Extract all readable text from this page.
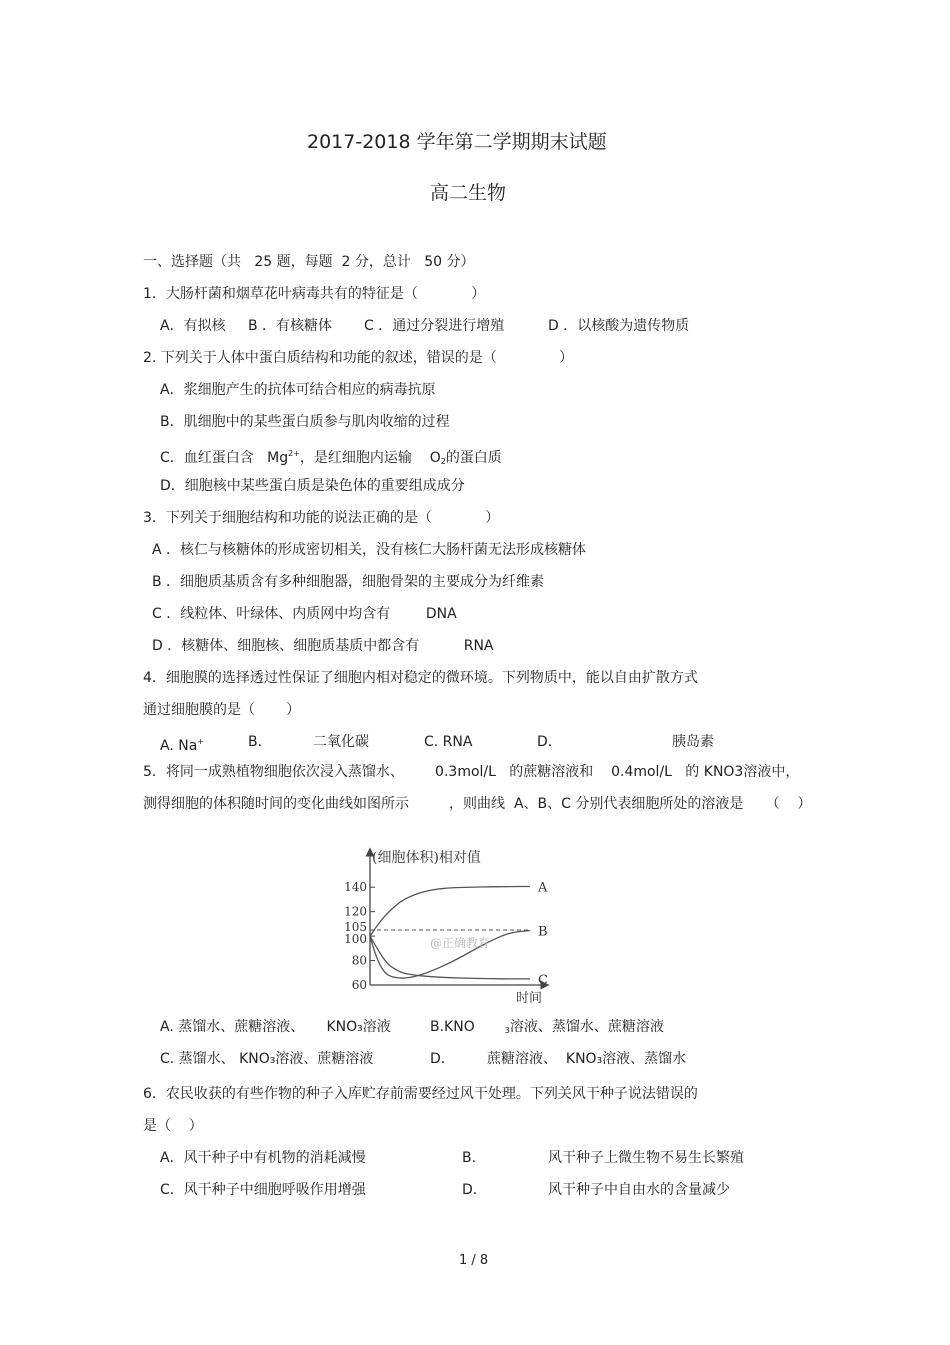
2017-2018 学年第二学期期末试题
高二生物
一、选择题（共   25 题，每题  2 分，总计   50 分）
1．大肠杆菌和烟草花叶病毒共有的特征是（            ）
A．有拟核 B ．有核糖体 C ．通过分裂进行增殖	D ．以核酸为遗传物质
2. 下列关于人体中蛋白质结构和功能的叙述，错误的是（              ）
A．浆细胞产生的抗体可结合相应的病毒抗原
B．肌细胞中的某些蛋白质参与肌肉收缩的过程
C．血红蛋白含   $Mg^{2+}$，是红细胞内运输    $O_2$的蛋白质
D．细胞核中某些蛋白质是染色体的重要组成成分
3．下列关于细胞结构和功能的说法正确的是（            ）
A ．核仁与核糖体的形成密切相关，没有核仁大肠杆菌无法形成核糖体
B ．细胞质基质含有多种细胞器，细胞骨架的主要成分为纤维素
C ．线粒体、叶绿体、内质网中均含有        DNA
D ．核糖体、细胞核、细胞质基质中都含有          RNA
4．细胞膜的选择透过性保证了细胞内相对稳定的微环境。下列物质中，能以自由扩散方式
通过细胞膜的是（       ）
A. Na+	B.	二氧化碳	C. RNA	D.	胰岛素
5．将同一成熟植物细胞依次浸入蒸馏水、       0.3mol/L   的蔗糖溶液和    0.4mol/L   的 KNO3溶液中，
测得细胞的体积随时间的变化曲线如图所示         ，则曲线  A、B、C 分别代表细胞所处的溶液是     （    ）
A
B
C
140
120
105
100
80
60
(细胞体积)相对值
时间
@正确教育
A. 蒸馏水、蔗糖溶液、     KNO₃溶液	B.KNO	$_3$溶液、蒸馏水、蔗糖溶液
C. 蒸馏水、 KNO₃溶液、蔗糖溶液	D.	蔗糖溶液、  KNO₃溶液、蒸馏水
6．农民收获的有些作物的种子入库贮存前需要经过风干处理。下列关风干种子说法错误的
是（    ）
A．风干种子中有机物的消耗减慢	B.	风干种子上微生物不易生长繁殖
C．风干种子中细胞呼吸作用增强	D.	风干种子中自由水的含量减少
1 / 8
